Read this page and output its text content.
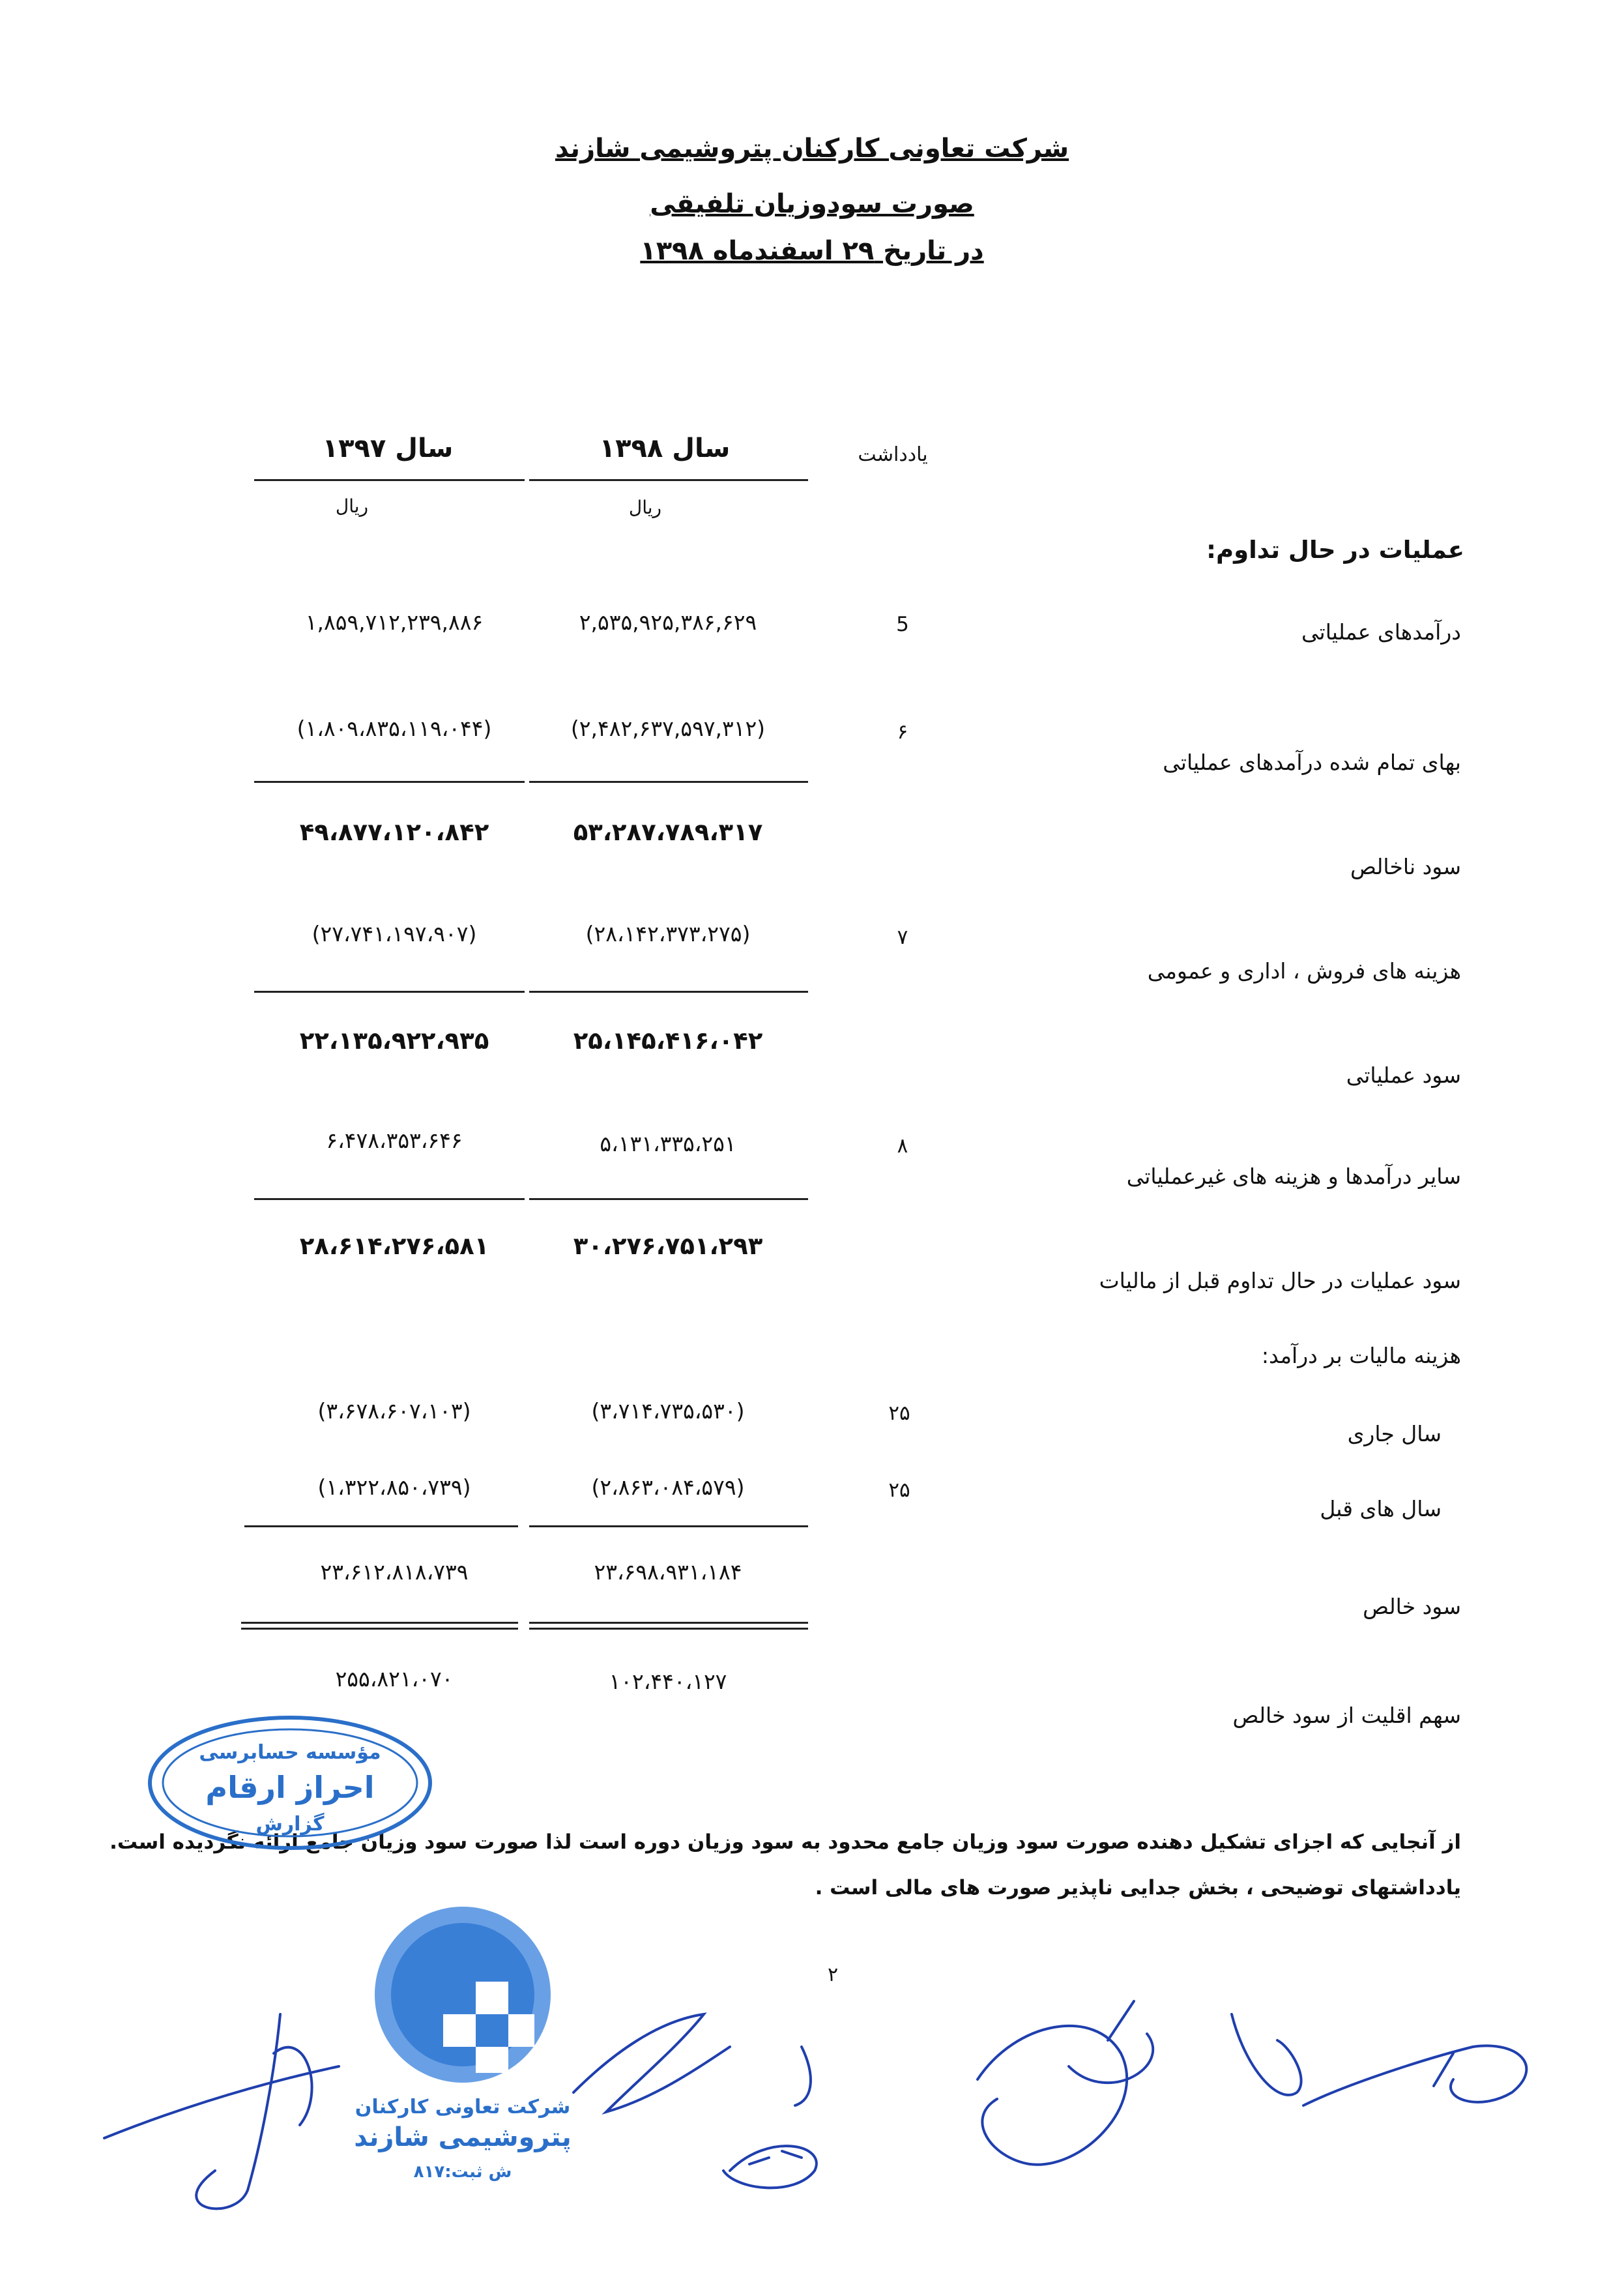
شرکت تعاونی کارکنان پتروشیمی شازند
صورت سودوزیان تلفیقی
در تاریخ ۲۹ اسفندماه ۱۳۹۸
یادداشت
سال ۱۳۹۸
سال ۱۳۹۷
ریال
ریال
عملیات در حال تداوم:
درآمدهای عملیاتی
5
۲,۵۳۵,۹۲۵,۳۸۶,۶۲۹
۱,۸۵۹,۷۱۲,۲۳۹,۸۸۶
بهای تمام شده درآمدهای عملیاتی
۶
(۲,۴۸۲,۶۳۷,۵۹۷,۳۱۲)
(۱،۸۰۹،۸۳۵،۱۱۹،۰۴۴)
سود ناخالص
۵۳،۲۸۷،۷۸۹،۳۱۷
۴۹،۸۷۷،۱۲۰،۸۴۲
هزینه های فروش ، اداری و عمومی
۷
(۲۸،۱۴۲،۳۷۳،۲۷۵)
(۲۷،۷۴۱،۱۹۷،۹۰۷)
سود عملیاتی
۲۵،۱۴۵،۴۱۶،۰۴۲
۲۲،۱۳۵،۹۲۲،۹۳۵
سایر درآمدها و هزینه های غیرعملیاتی
۸
۵،۱۳۱،۳۳۵،۲۵۱
۶،۴۷۸،۳۵۳،۶۴۶
سود عملیات در حال تداوم قبل از مالیات
۳۰،۲۷۶،۷۵۱،۲۹۳
۲۸،۶۱۴،۲۷۶،۵۸۱
هزینه مالیات بر درآمد:
سال جاری
۲۵
(۳،۷۱۴،۷۳۵،۵۳۰)
(۳،۶۷۸،۶۰۷،۱۰۳)
سال های قبل
۲۵
(۲،۸۶۳،۰۸۴،۵۷۹)
(۱،۳۲۲،۸۵۰،۷۳۹)
سود خالص
۲۳،۶۹۸،۹۳۱،۱۸۴
۲۳،۶۱۲،۸۱۸،۷۳۹
سهم اقلیت از سود خالص
۱۰۲،۴۴۰،۱۲۷
۲۵۵،۸۲۱،۰۷۰
از آنجایی که اجزای تشکیل دهنده صورت سود وزیان جامع محدود به سود وزیان دوره است لذا صورت سود وزیان جامع ارائه نگردیده است.
یادداشتهای توضیحی ، بخش جدایی ناپذیر صورت های مالی است .
۲
مؤسسه حسابرسی
احراز ارقام
گزارش
شرکت تعاونی کارکنان
پتروشیمی شازند
ش ثبت:۸۱۷
